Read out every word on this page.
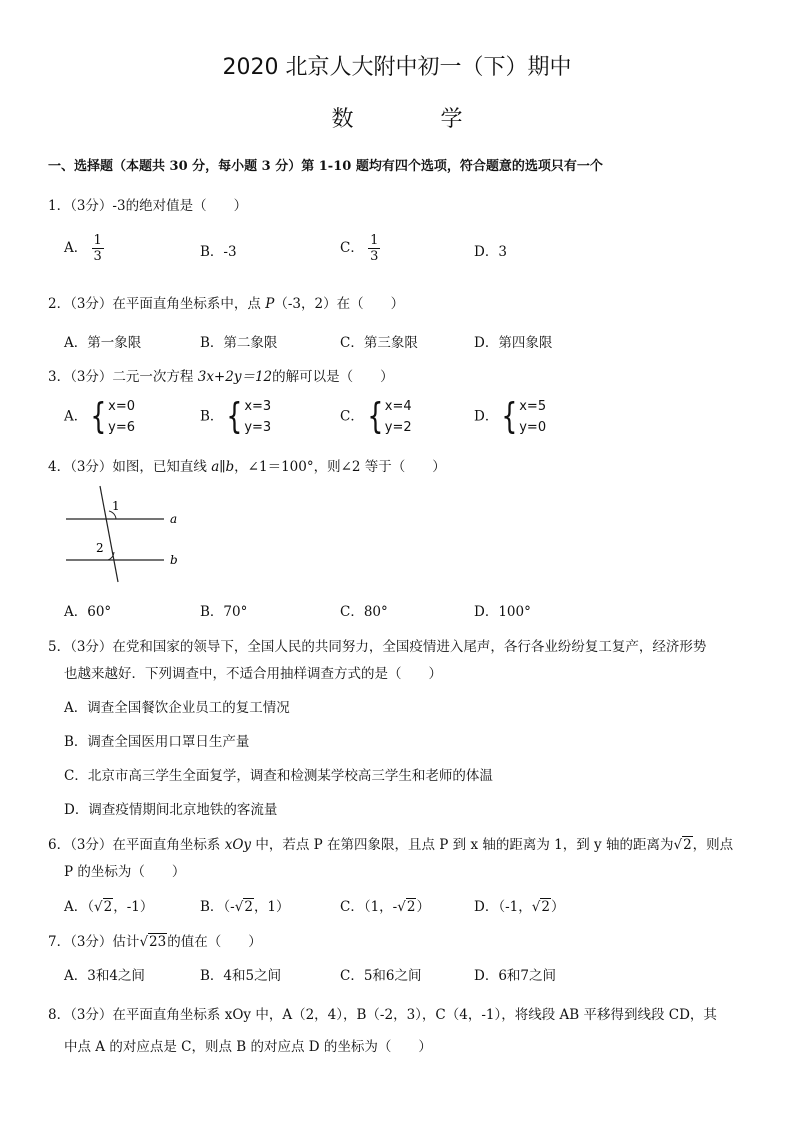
2020 北京人大附中初一（下）期中
数 学
一、选择题（本题共 30 分，每小题 3 分）第 1-10 题均有四个选项，符合题意的选项只有一个
1．（3分）-3的绝对值是（　　）
A． $\frac{1}{3}$	B．-3	C． $\frac{1}{3}$	D．3
2．（3分）在平面直角坐标系中，点 P（-3，2）在（　　）
A．第一象限	B．第二象限	C．第三象限	D．第四象限
3．（3分）二元一次方程 3x+2y＝12的解可以是（　　）
A． { x=0
y=6
B． { x=3
y=3
C． { x=4
y=2
D． { x=5
y=0
4．（3分）如图，已知直线 a∥b，∠1＝100°，则∠2 等于（　　）
1
2
a
b
A．60°	B．70°	C．80°	D．100°
5．（3分）在党和国家的领导下，全国人民的共同努力，全国疫情进入尾声，各行各业纷纷复工复产，经济形势
也越来越好．下列调查中，不适合用抽样调查方式的是（　　）
A．调查全国餐饮企业员工的复工情况
B．调查全国医用口罩日生产量
C．北京市高三学生全面复学，调查和检测某学校高三学生和老师的体温
D．调查疫情期间北京地铁的客流量
6．（3分）在平面直角坐标系 xOy 中，若点 P 在第四象限，且点 P 到 x 轴的距离为 1，到 y 轴的距离为√2，则点
P 的坐标为（　　）
A．（√2，-1）	B．（-√2，1）	C．（1，-√2）	D．（-1，√2）
7．（3分）估计√23的值在（　　）
A．3和4之间	B．4和5之间	C．5和6之间	D．6和7之间
8．（3分）在平面直角坐标系 xOy 中，A（2，4），B（-2，3），C（4，-1），将线段 AB 平移得到线段 CD，其
中点 A 的对应点是 C，则点 B 的对应点 D 的坐标为（　　）
